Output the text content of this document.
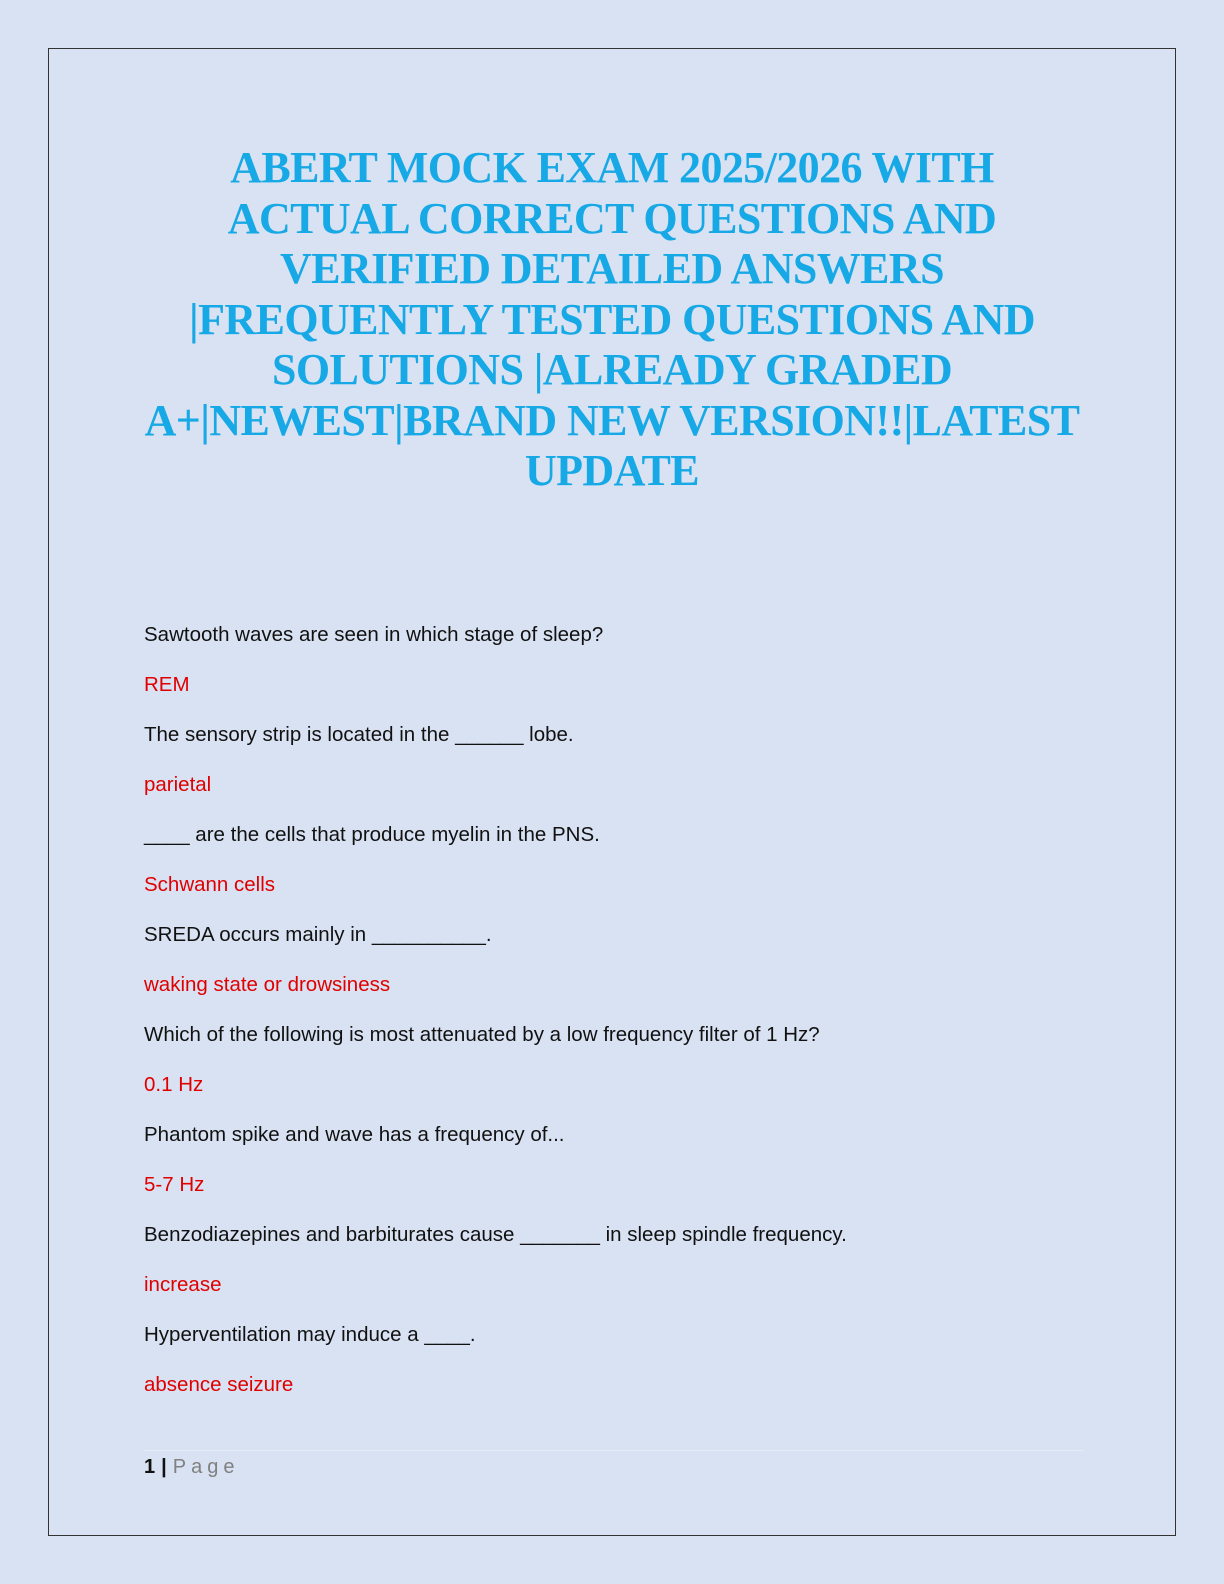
ABERT MOCK EXAM 2025/2026 WITH
ACTUAL CORRECT QUESTIONS AND
VERIFIED DETAILED ANSWERS
|FREQUENTLY TESTED QUESTIONS AND
SOLUTIONS |ALREADY GRADED
A+|NEWEST|BRAND NEW VERSION!!|LATEST
UPDATE

Sawtooth waves are seen in which stage of sleep?

REM

The sensory strip is located in the ______ lobe.

parietal

____ are the cells that produce myelin in the PNS.

Schwann cells

SREDA occurs mainly in __________.

waking state or drowsiness

Which of the following is most attenuated by a low frequency filter of 1 Hz?

0.1 Hz

Phantom spike and wave has a frequency of...

5-7 Hz

Benzodiazepines and barbiturates cause _______ in sleep spindle frequency.

increase

Hyperventilation may induce a ____.

absence seizure

1 | Page
